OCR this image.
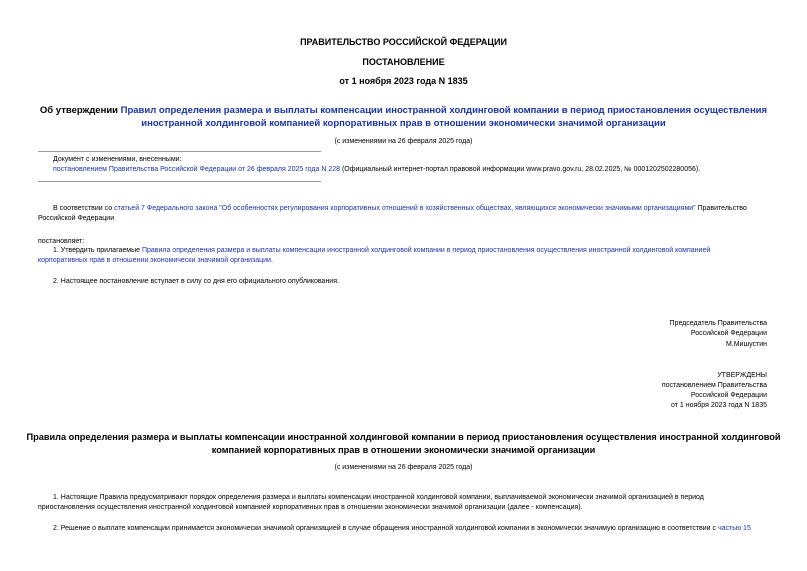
ПРАВИТЕЛЬСТВО РОССИЙСКОЙ ФЕДЕРАЦИИ
ПОСТАНОВЛЕНИЕ
от 1 ноября 2023 года N 1835
Об утверждении Правил определения размера и выплаты компенсации иностранной холдинговой компании в период приостановления осуществления
иностранной холдинговой компанией корпоративных прав в отношении экономически значимой организации
(с изменениями на 26 февраля 2025 года)
Документ с изменениями, внесенными:
постановлением Правительства Российской Федерации от 26 февраля 2025 года N 228 (Официальный интернет-портал правовой информации www.pravo.gov.ru, 28.02.2025, № 0001202502280056).
В соответствии со статьей 7 Федерального закона "Об особенностях регулирования корпоративных отношений в хозяйственных обществах, являющихся экономически значимыми организациями" Правительство
Российской Федерации
постановляет:
1. Утвердить прилагаемые Правила определения размера и выплаты компенсации иностранной холдинговой компании в период приостановления осуществления иностранной холдинговой компанией
корпоративных прав в отношении экономически значимой организации.
2. Настоящее постановление вступает в силу со дня его официального опубликования.
Председатель Правительства
Российской Федерации
М.Мишустин
УТВЕРЖДЕНЫ
постановлением Правительства
Российской Федерации
от 1 ноября 2023 года N 1835
Правила определения размера и выплаты компенсации иностранной холдинговой компании в период приостановления осуществления иностранной холдинговой
компанией корпоративных прав в отношении экономически значимой организации
(с изменениями на 26 февраля 2025 года)
1. Настоящие Правила предусматривают порядок определения размера и выплаты компенсации иностранной холдинговой компании, выплачиваемой экономически значимой организацией в период
приостановления осуществления иностранной холдинговой компанией корпоративных прав в отношении экономически значимой организации (далее - компенсация).
2. Решение о выплате компенсации принимается экономически значимой организацией в случае обращения иностранной холдинговой компании в экономически значимую организацию в соответствии с частью 15
